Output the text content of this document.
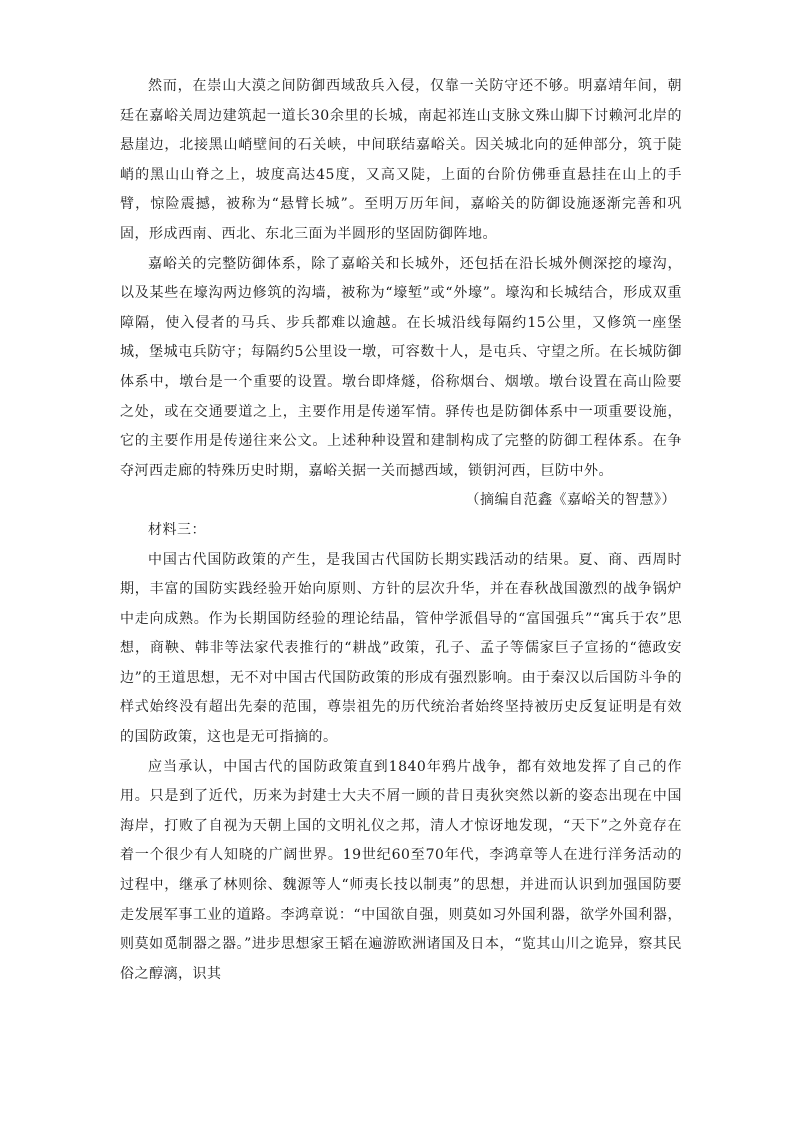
然而，在崇山大漠之间防御西域敌兵入侵，仅靠一关防守还不够。明嘉靖年间，朝廷在嘉峪关周边建筑起一道长30余里的长城，南起祁连山支脉文殊山脚下讨赖河北岸的悬崖边，北接黑山峭壁间的石关峡，中间联结嘉峪关。因关城北向的延伸部分，筑于陡峭的黑山山脊之上，坡度高达45度，又高又陡，上面的台阶仿佛垂直悬挂在山上的手臂，惊险震撼，被称为“悬臂长城”。至明万历年间，嘉峪关的防御设施逐渐完善和巩固，形成西南、西北、东北三面为半圆形的坚固防御阵地。

嘉峪关的完整防御体系，除了嘉峪关和长城外，还包括在沿长城外侧深挖的壕沟，以及某些在壕沟两边修筑的沟墙，被称为“壕堑”或“外壕”。壕沟和长城结合，形成双重障隔，使入侵者的马兵、步兵都难以逾越。在长城沿线每隔约15公里，又修筑一座堡城，堡城屯兵防守；每隔约5公里设一墩，可容数十人，是屯兵、守望之所。在长城防御体系中，墩台是一个重要的设置。墩台即烽燧，俗称烟台、烟墩。墩台设置在高山险要之处，或在交通要道之上，主要作用是传递军情。驿传也是防御体系中一项重要设施，它的主要作用是传递往来公文。上述种种设置和建制构成了完整的防御工程体系。在争夺河西走廊的特殊历史时期，嘉峪关据一关而撼西域，锁钥河西，巨防中外。

（摘编自范鑫《嘉峪关的智慧》）

材料三：

中国古代国防政策的产生，是我国古代国防长期实践活动的结果。夏、商、西周时期，丰富的国防实践经验开始向原则、方针的层次升华，并在春秋战国激烈的战争锅炉中走向成熟。作为长期国防经验的理论结晶，管仲学派倡导的“富国强兵”“寓兵于农”思想，商鞅、韩非等法家代表推行的“耕战”政策，孔子、孟子等儒家巨子宣扬的“德政安边”的王道思想，无不对中国古代国防政策的形成有强烈影响。由于秦汉以后国防斗争的样式始终没有超出先秦的范围，尊崇祖先的历代统治者始终坚持被历史反复证明是有效的国防政策，这也是无可指摘的。

应当承认，中国古代的国防政策直到1840年鸦片战争，都有效地发挥了自己的作用。只是到了近代，历来为封建士大夫不屑一顾的昔日夷狄突然以新的姿态出现在中国海岸，打败了自视为天朝上国的文明礼仪之邦，清人才惊讶地发现，“天下”之外竟存在着一个很少有人知晓的广阔世界。19世纪60至70年代，李鸿章等人在进行洋务活动的过程中，继承了林则徐、魏源等人“师夷长技以制夷”的思想，并进而认识到加强国防要走发展军事工业的道路。李鸿章说：“中国欲自强，则莫如习外国利器，欲学外国利器，则莫如觅制器之器。”进步思想家王韬在遍游欧洲诸国及日本，“览其山川之诡异，察其民俗之醇漓，识其
